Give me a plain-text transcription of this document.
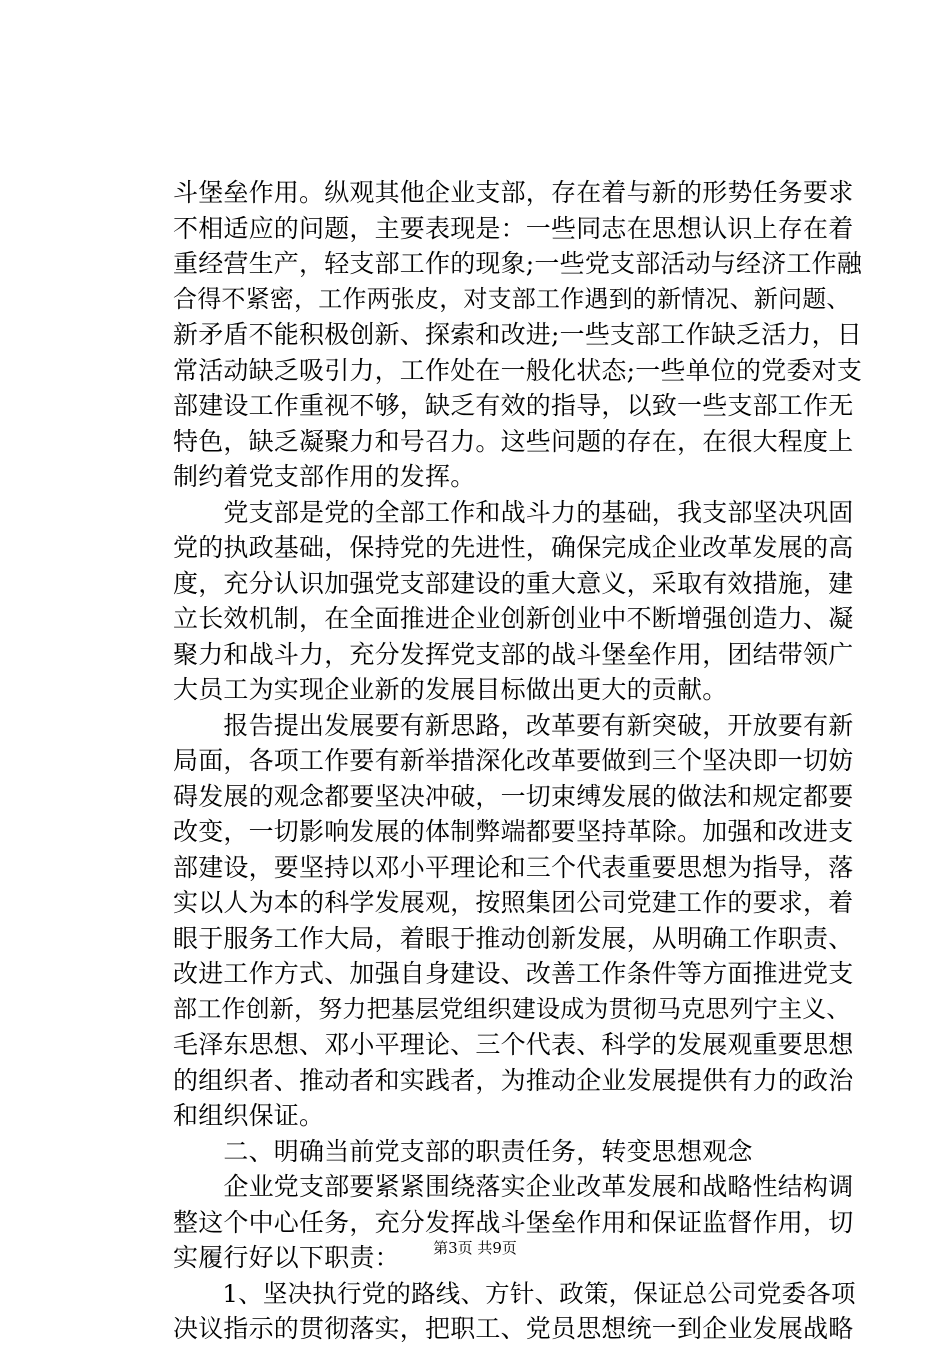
斗堡垒作用。纵观其他企业支部，存在着与新的形势任务要求
不相适应的问题，主要表现是：一些同志在思想认识上存在着
重经营生产，轻支部工作的现象;一些党支部活动与经济工作融
合得不紧密，工作两张皮，对支部工作遇到的新情况、新问题、
新矛盾不能积极创新、探索和改进;一些支部工作缺乏活力，日
常活动缺乏吸引力，工作处在一般化状态;一些单位的党委对支
部建设工作重视不够，缺乏有效的指导，以致一些支部工作无
特色，缺乏凝聚力和号召力。这些问题的存在，在很大程度上
制约着党支部作用的发挥。
　　党支部是党的全部工作和战斗力的基础，我支部坚决巩固
党的执政基础，保持党的先进性，确保完成企业改革发展的高
度，充分认识加强党支部建设的重大意义，采取有效措施，建
立长效机制，在全面推进企业创新创业中不断增强创造力、凝
聚力和战斗力，充分发挥党支部的战斗堡垒作用，团结带领广
大员工为实现企业新的发展目标做出更大的贡献。
　　报告提出发展要有新思路，改革要有新突破，开放要有新
局面，各项工作要有新举措深化改革要做到三个坚决即一切妨
碍发展的观念都要坚决冲破，一切束缚发展的做法和规定都要
改变，一切影响发展的体制弊端都要坚持革除。加强和改进支
部建设，要坚持以邓小平理论和三个代表重要思想为指导，落
实以人为本的科学发展观，按照集团公司党建工作的要求，着
眼于服务工作大局，着眼于推动创新发展，从明确工作职责、
改进工作方式、加强自身建设、改善工作条件等方面推进党支
部工作创新，努力把基层党组织建设成为贯彻马克思列宁主义、
毛泽东思想、邓小平理论、三个代表、科学的发展观重要思想
的组织者、推动者和实践者，为推动企业发展提供有力的政治
和组织保证。
　　二、明确当前党支部的职责任务，转变思想观念
　　企业党支部要紧紧围绕落实企业改革发展和战略性结构调
整这个中心任务，充分发挥战斗堡垒作用和保证监督作用，切
实履行好以下职责：
　　1、坚决执行党的路线、方针、政策，保证总公司党委各项
决议指示的贯彻落实，把职工、党员思想统一到企业发展战略
第3页 共9页
